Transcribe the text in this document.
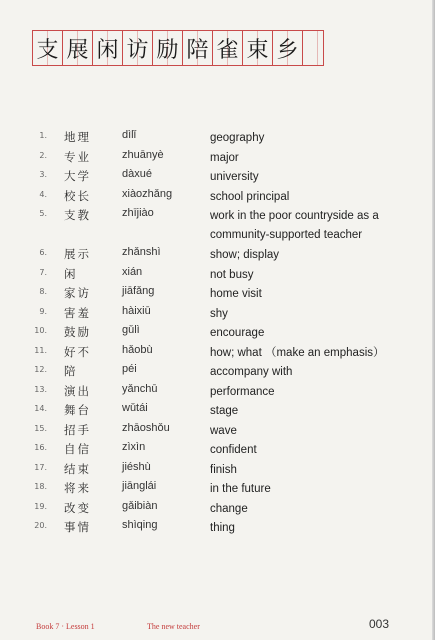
支 展 闲 访 励 陪 雀 束 乡
1. 地理	dìlǐ	geography
2. 专业	zhuānyè	major
3. 大学	dàxué	university
4. 校长	xiàozhǎng	school principal
5. 支教	zhījiào	work in the poor countryside as a community-supported teacher
6. 展示	zhǎnshì	show; display
7. 闲	xián	not busy
8. 家访	jiāfǎng	home visit
9. 害羞	hàixiū	shy
10. 鼓励	gǔlì	encourage
11. 好不	hǎobù	how; what （make an emphasis）
12. 陪	péi	accompany with
13. 演出	yǎnchū	performance
14. 舞台	wǔtái	stage
15. 招手	zhāoshǒu	wave
16. 自信	zìxìn	confident
17. 结束	jiéshù	finish
18. 将来	jiānglái	in the future
19. 改变	gǎibiàn	change
20. 事情	shìqing	thing
Book 7 · Lesson 1	The new teacher	003
